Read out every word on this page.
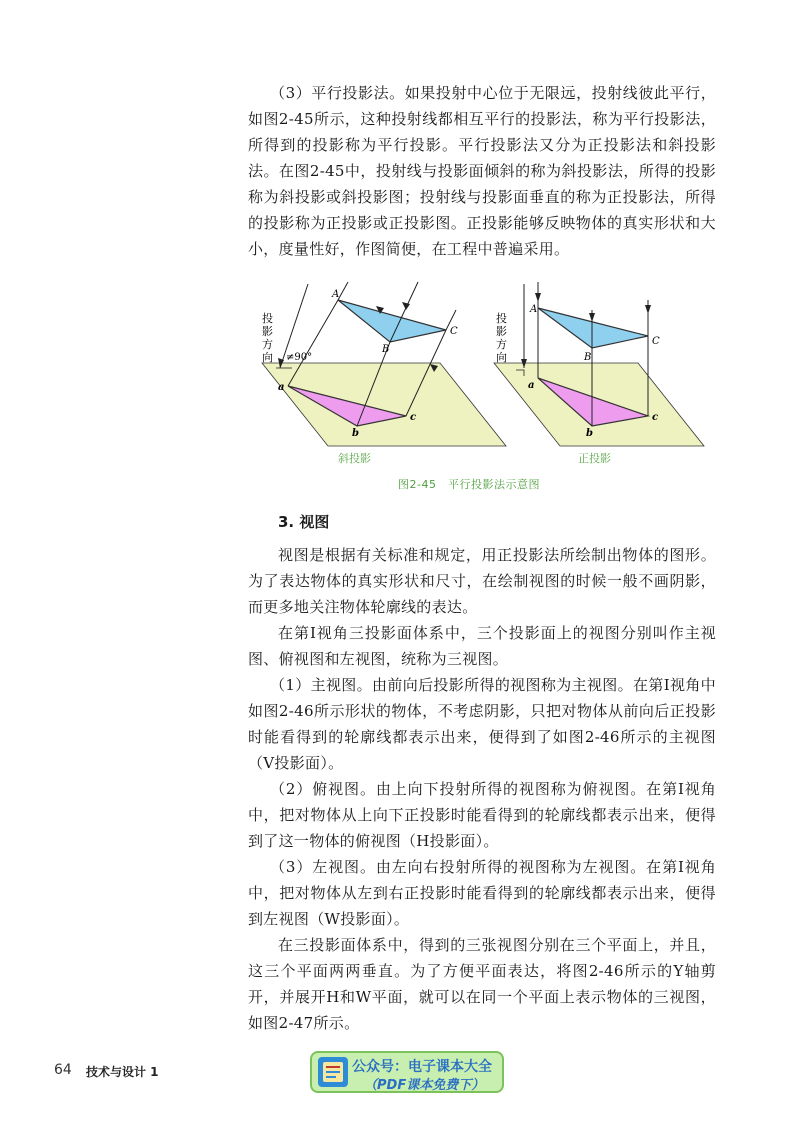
（3）平行投影法。如果投射中心位于无限远，投射线彼此平行，如图2-45所示，这种投射线都相互平行的投影法，称为平行投影法，所得到的投影称为平行投影。平行投影法又分为正投影法和斜投影法。在图2-45中，投射线与投影面倾斜的称为斜投影法，所得的投影称为斜投影或斜投影图；投射线与投影面垂直的称为正投影法，所得的投影称为正投影或正投影图。正投影能够反映物体的真实形状和大小，度量性好，作图简便，在工程中普遍采用。

投
影
方
向 ≠90°
A
B
C
a
b
c
斜投影
投
影
方
向
A
B
C
a
b
c
正投影
图2-45　平行投影法示意图
3. 视图

视图是根据有关标准和规定，用正投影法所绘制出物体的图形。为了表达物体的真实形状和尺寸，在绘制视图的时候一般不画阴影，而更多地关注物体轮廓线的表达。

在第Ⅰ视角三投影面体系中，三个投影面上的视图分别叫作主视图、俯视图和左视图，统称为三视图。

（1）主视图。由前向后投影所得的视图称为主视图。在第Ⅰ视角中如图2-46所示形状的物体，不考虑阴影，只把对物体从前向后正投影时能看得到的轮廓线都表示出来，便得到了如图2-46所示的主视图（V投影面）。

（2）俯视图。由上向下投射所得的视图称为俯视图。在第Ⅰ视角中，把对物体从上向下正投影时能看得到的轮廓线都表示出来，便得到了这一物体的俯视图（H投影面）。

（3）左视图。由左向右投射所得的视图称为左视图。在第Ⅰ视角中，把对物体从左到右正投影时能看得到的轮廓线都表示出来，便得到左视图（W投影面）。

在三投影面体系中，得到的三张视图分别在三个平面上，并且，这三个平面两两垂直。为了方便平面表达，将图2-46所示的Y轴剪开，并展开H和W平面，就可以在同一个平面上表示物体的三视图，如图2-47所示。

64 技术与设计 1	公众号：电子课本大全
（PDF课本免费下）
